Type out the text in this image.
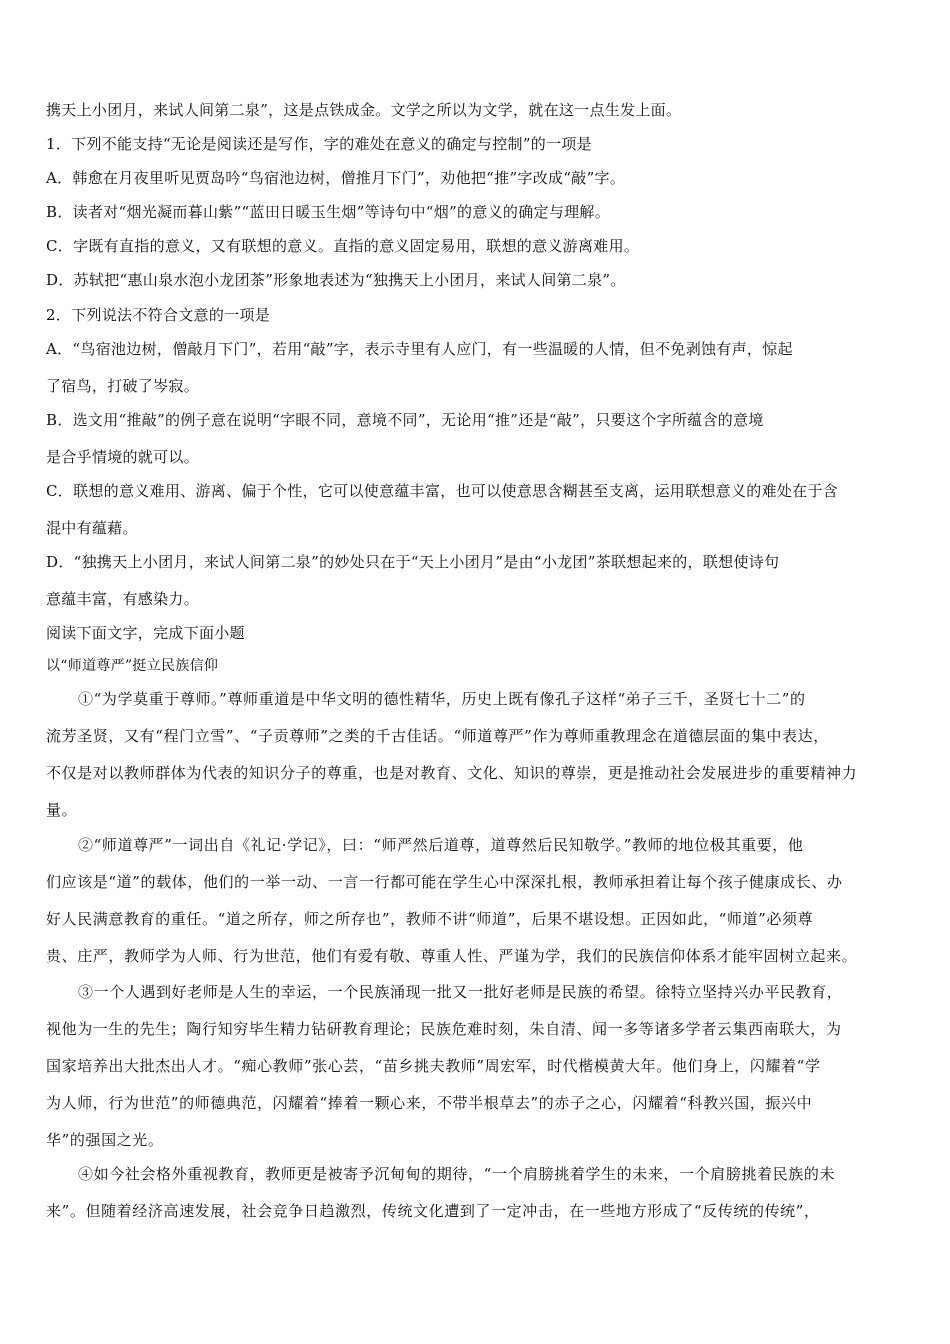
携天上小团月，来试人间第二泉”，这是点铁成金。文学之所以为文学，就在这一点生发上面。

1．下列不能支持“无论是阅读还是写作，字的难处在意义的确定与控制”的一项是

A．韩愈在月夜里听见贾岛吟“鸟宿池边树，僧推月下门”，劝他把“推”字改成“敲”字。

B．读者对“烟光凝而暮山紫”“蓝田日暖玉生烟”等诗句中“烟”的意义的确定与理解。

C．字既有直指的意义，又有联想的意义。直指的意义固定易用，联想的意义游离难用。

D．苏轼把“惠山泉水泡小龙团茶”形象地表述为“独携天上小团月，来试人间第二泉”。

2．下列说法不符合文意的一项是

A．“鸟宿池边树，僧敲月下门”，若用“敲”字，表示寺里有人应门，有一些温暖的人情，但不免剥蚀有声，惊起

了宿鸟，打破了岑寂。

B．选文用“推敲”的例子意在说明“字眼不同，意境不同”，无论用“推”还是“敲”，只要这个字所蕴含的意境

是合乎情境的就可以。

C．联想的意义难用、游离、偏于个性，它可以使意蕴丰富，也可以使意思含糊甚至支离，运用联想意义的难处在于含

混中有蕴藉。

D．“独携天上小团月，来试人间第二泉”的妙处只在于“天上小团月”是由“小龙团”茶联想起来的，联想使诗句

意蕴丰富，有感染力。

阅读下面文字，完成下面小题

以“师道尊严”挺立民族信仰

①“为学莫重于尊师。”尊师重道是中华文明的德性精华，历史上既有像孔子这样“弟子三千，圣贤七十二”的

流芳圣贤，又有“程门立雪”、“子贡尊师”之类的千古佳话。“师道尊严”作为尊师重教理念在道德层面的集中表达，

不仅是对以教师群体为代表的知识分子的尊重，也是对教育、文化、知识的尊崇，更是推动社会发展进步的重要精神力

量。

②“师道尊严”一词出自《礼记·学记》，曰：“师严然后道尊，道尊然后民知敬学。”教师的地位极其重要，他

们应该是“道”的载体，他们的一举一动、一言一行都可能在学生心中深深扎根，教师承担着让每个孩子健康成长、办

好人民满意教育的重任。“道之所存，师之所存也”，教师不讲“师道”，后果不堪设想。正因如此，“师道”必须尊

贵、庄严，教师学为人师、行为世范，他们有爱有敬、尊重人性、严谨为学，我们的民族信仰体系才能牢固树立起来。

③一个人遇到好老师是人生的幸运，一个民族涌现一批又一批好老师是民族的希望。徐特立坚持兴办平民教育，

视他为一生的先生；陶行知穷毕生精力钻研教育理论；民族危难时刻，朱自清、闻一多等诸多学者云集西南联大，为

国家培养出大批杰出人才。“痴心教师”张心芸，“苗乡挑夫教师”周宏军，时代楷模黄大年。他们身上，闪耀着“学

为人师，行为世范”的师德典范，闪耀着“捧着一颗心来，不带半根草去”的赤子之心，闪耀着“科教兴国，振兴中

华”的强国之光。

④如今社会格外重视教育，教师更是被寄予沉甸甸的期待，“一个肩膀挑着学生的未来，一个肩膀挑着民族的未

来”。但随着经济高速发展，社会竞争日趋激烈，传统文化遭到了一定冲击，在一些地方形成了“反传统的传统”，
